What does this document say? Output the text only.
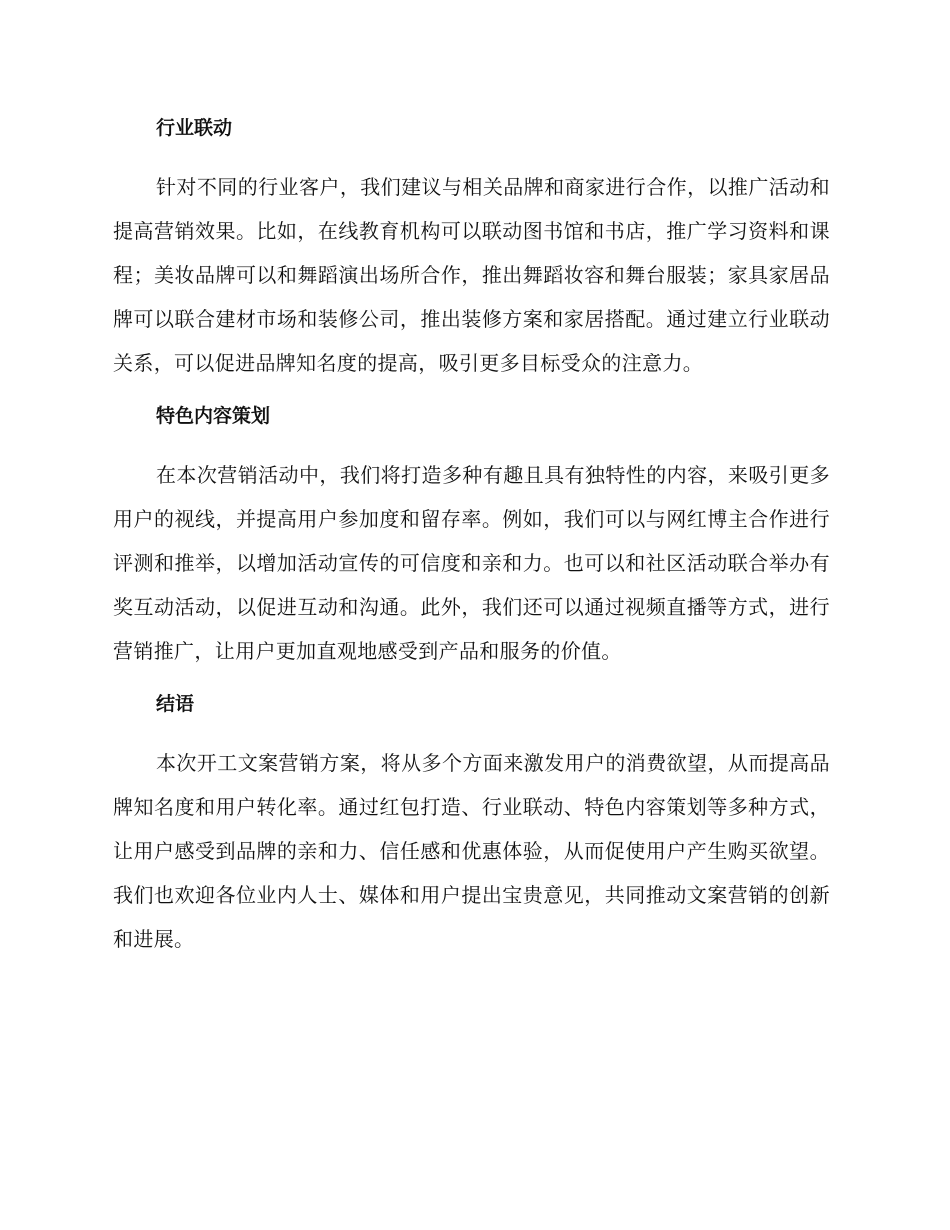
行业联动

针对不同的行业客户，我们建议与相关品牌和商家进行合作，以推广活动和提高营销效果。比如，在线教育机构可以联动图书馆和书店，推广学习资料和课程；美妆品牌可以和舞蹈演出场所合作，推出舞蹈妆容和舞台服装；家具家居品牌可以联合建材市场和装修公司，推出装修方案和家居搭配。通过建立行业联动关系，可以促进品牌知名度的提高，吸引更多目标受众的注意力。

特色内容策划

在本次营销活动中，我们将打造多种有趣且具有独特性的内容，来吸引更多用户的视线，并提高用户参加度和留存率。例如，我们可以与网红博主合作进行评测和推举，以增加活动宣传的可信度和亲和力。也可以和社区活动联合举办有奖互动活动，以促进互动和沟通。此外，我们还可以通过视频直播等方式，进行营销推广，让用户更加直观地感受到产品和服务的价值。

结语

本次开工文案营销方案，将从多个方面来激发用户的消费欲望，从而提高品牌知名度和用户转化率。通过红包打造、行业联动、特色内容策划等多种方式，让用户感受到品牌的亲和力、信任感和优惠体验，从而促使用户产生购买欲望。我们也欢迎各位业内人士、媒体和用户提出宝贵意见，共同推动文案营销的创新和进展。
